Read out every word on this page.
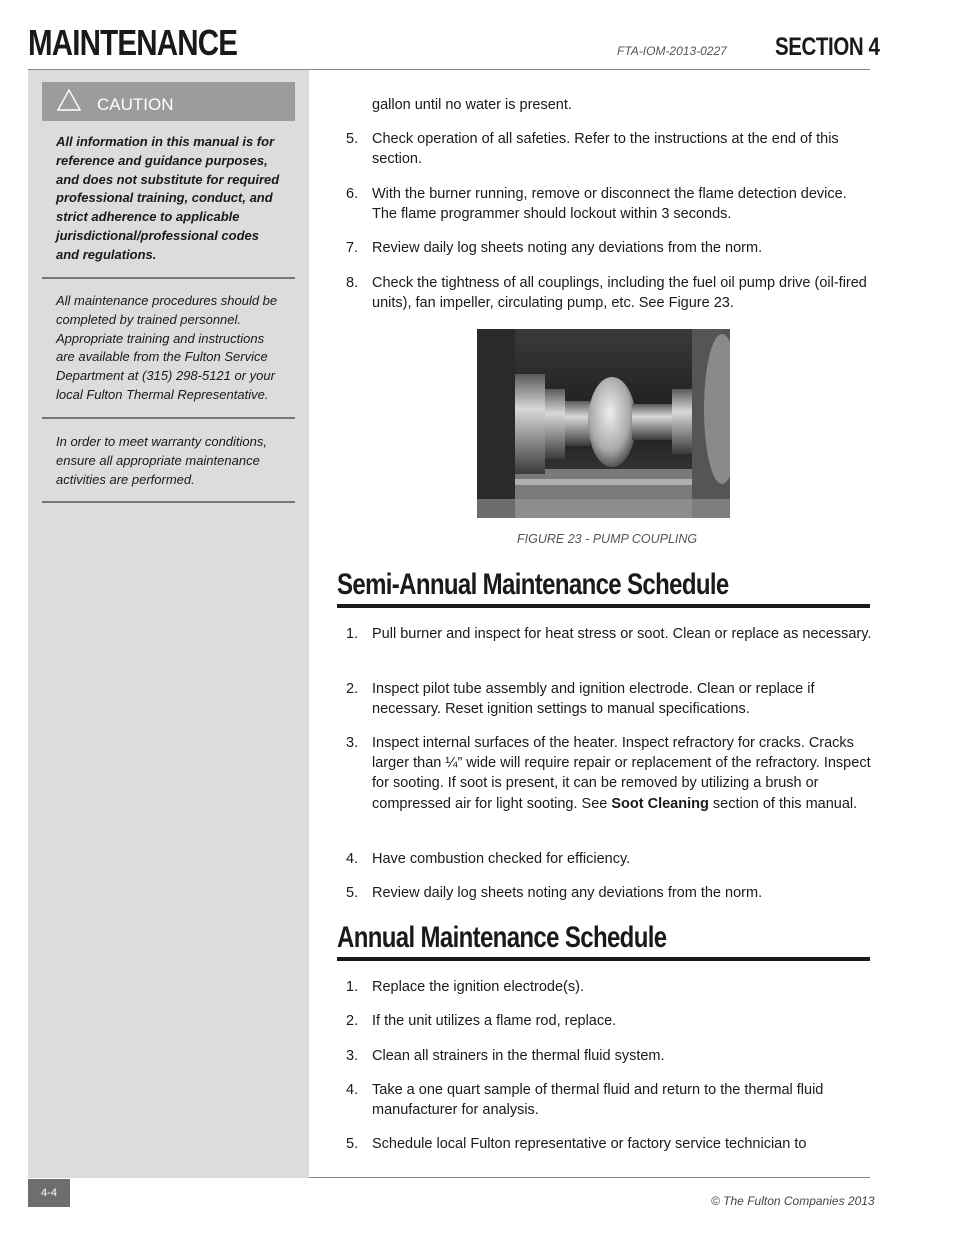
MAINTENANCE	FTA-IOM-2013-0227 SECTION 4
CAUTION
All information in this manual is for reference and guidance purposes, and does not substitute for required professional training, conduct, and strict adherence to applicable jurisdictional/professional codes and regulations.
All maintenance procedures should be completed by trained personnel. Appropriate training and instructions are available from the Fulton Service Department at (315) 298-5121 or your local Fulton Thermal Representative.
In order to meet warranty conditions, ensure all appropriate maintenance activities are performed.
gallon until no water is present.
5. Check operation of all safeties. Refer to the instructions at the end of this section.
6. With the burner running, remove or disconnect the flame detection device. The flame programmer should lockout within 3 seconds.
7. Review daily log sheets noting any deviations from the norm.
8. Check the tightness of all couplings, including the fuel oil pump drive (oil-fired units), fan impeller, circulating pump, etc. See Figure 23.
FIGURE 23 - PUMP COUPLING
Semi-Annual Maintenance Schedule
1. Pull burner and inspect for heat stress or soot. Clean or replace as necessary.
2. Inspect pilot tube assembly and ignition electrode. Clean or replace if necessary. Reset ignition settings to manual specifications.
3. Inspect internal surfaces of the heater. Inspect refractory for cracks. Cracks larger than ¼” wide will require repair or replacement of the refractory. Inspect for sooting. If soot is present, it can be removed by utilizing a brush or compressed air for light sooting. See Soot Cleaning section of this manual.
4. Have combustion checked for efficiency.
5. Review daily log sheets noting any deviations from the norm.
Annual Maintenance Schedule
1. Replace the ignition electrode(s).
2. If the unit utilizes a flame rod, replace.
3. Clean all strainers in the thermal fluid system.
4. Take a one quart sample of thermal fluid and return to the thermal fluid manufacturer for analysis.
5. Schedule local Fulton representative or factory service technician to
4-4
© The Fulton Companies 2013
